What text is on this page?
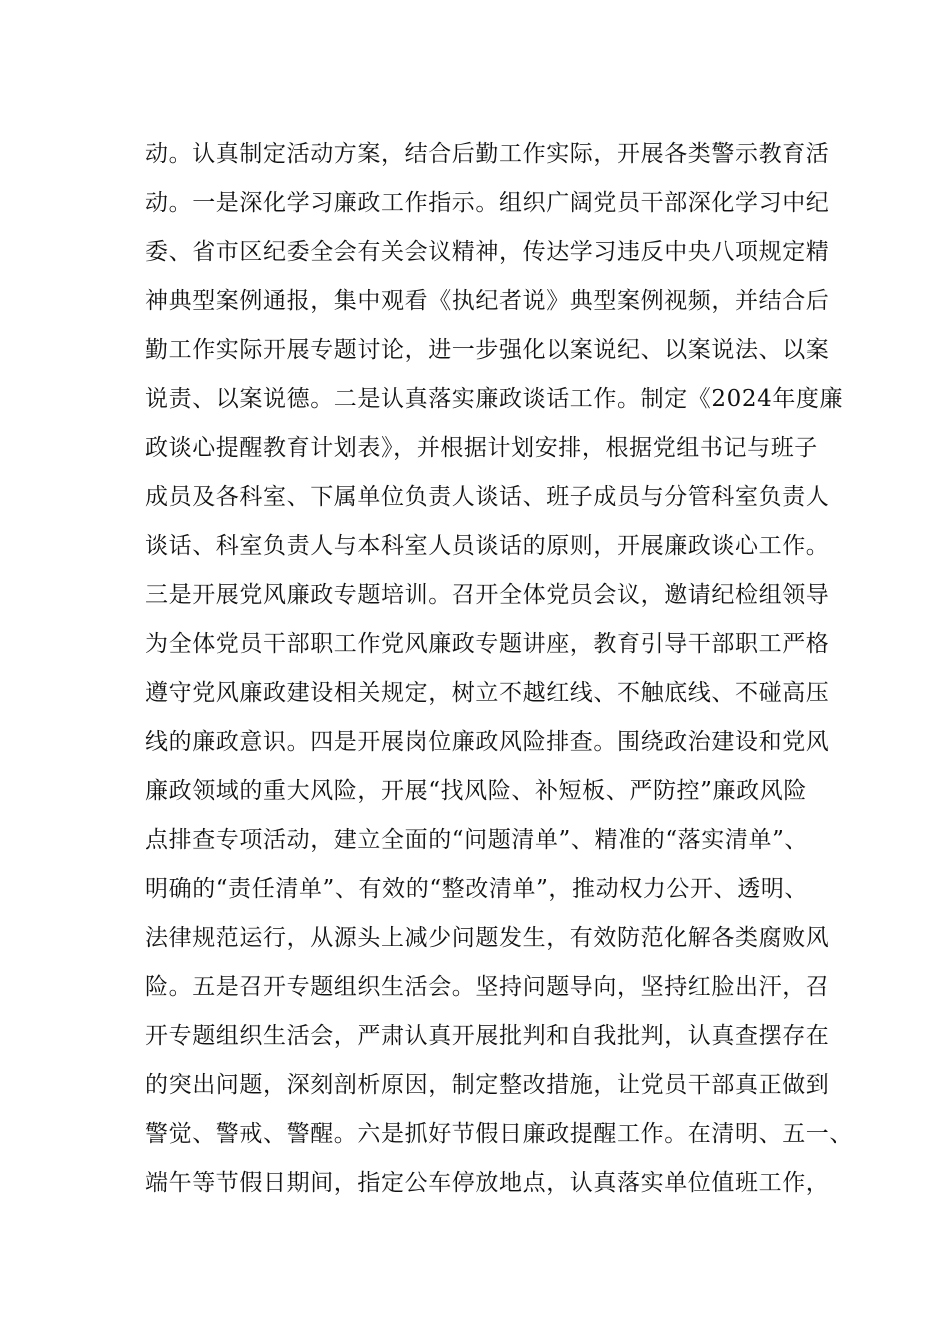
动。认真制定活动方案，结合后勤工作实际，开展各类警示教育活
动。一是深化学习廉政工作指示。组织广阔党员干部深化学习中纪
委、省市区纪委全会有关会议精神，传达学习违反中央八项规定精
神典型案例通报，集中观看《执纪者说》典型案例视频，并结合后
勤工作实际开展专题讨论，进一步强化以案说纪、以案说法、以案
说责、以案说德。二是认真落实廉政谈话工作。制定《2024年度廉
政谈心提醒教育计划表》，并根据计划安排，根据党组书记与班子
成员及各科室、下属单位负责人谈话、班子成员与分管科室负责人
谈话、科室负责人与本科室人员谈话的原则，开展廉政谈心工作。
三是开展党风廉政专题培训。召开全体党员会议，邀请纪检组领导
为全体党员干部职工作党风廉政专题讲座，教育引导干部职工严格
遵守党风廉政建设相关规定，树立不越红线、不触底线、不碰高压
线的廉政意识。四是开展岗位廉政风险排查。围绕政治建设和党风
廉政领域的重大风险，开展“找风险、补短板、严防控”廉政风险
点排查专项活动，建立全面的“问题清单”、精准的“落实清单”、
明确的“责任清单”、有效的“整改清单”，推动权力公开、透明、
法律规范运行，从源头上减少问题发生，有效防范化解各类腐败风
险。五是召开专题组织生活会。坚持问题导向，坚持红脸出汗，召
开专题组织生活会，严肃认真开展批判和自我批判，认真查摆存在
的突出问题，深刻剖析原因，制定整改措施，让党员干部真正做到
警觉、警戒、警醒。六是抓好节假日廉政提醒工作。在清明、五一、
端午等节假日期间，指定公车停放地点，认真落实单位值班工作，
